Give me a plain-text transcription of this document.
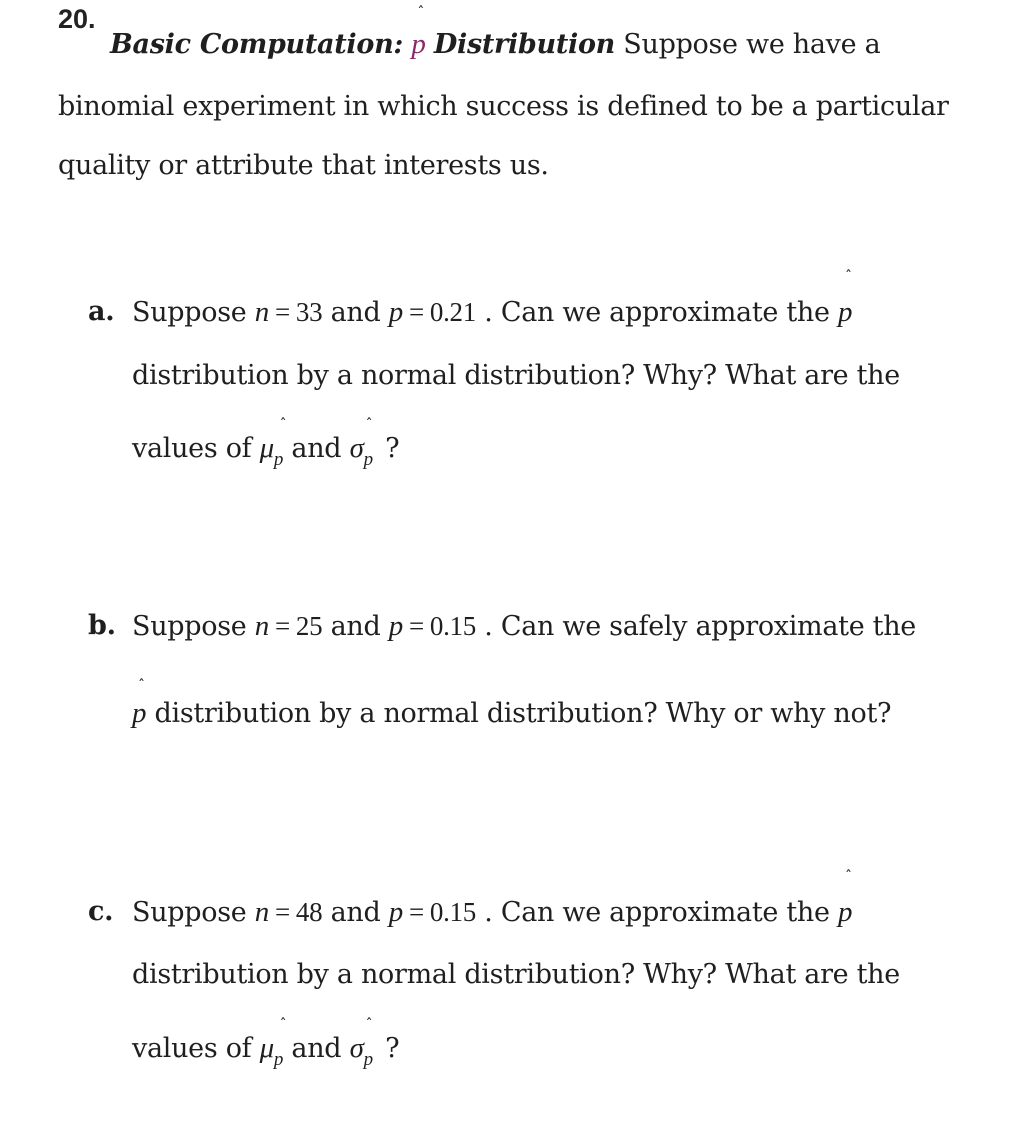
20.
Basic Computation:
ˆ
p Distribution Suppose we have a
binomial experiment in which success is defined to be a particular
quality or attribute that interests us.
a. Suppose n = 33 and p = 0.21 . Can we approximate the
ˆ
p
distribution by a normal distribution? Why? What are the
values of
ˆ
$\mu_p$ and
ˆ
$\sigma_p$ ?
b. Suppose n = 25 and p = 0.15 . Can we safely approximate the
ˆ
p distribution by a normal distribution? Why or why not?
c. Suppose n = 48 and p = 0.15 . Can we approximate the
ˆ
p
distribution by a normal distribution? Why? What are the
values of
ˆ
$\mu_p$ and
ˆ
$\sigma_p$ ?
